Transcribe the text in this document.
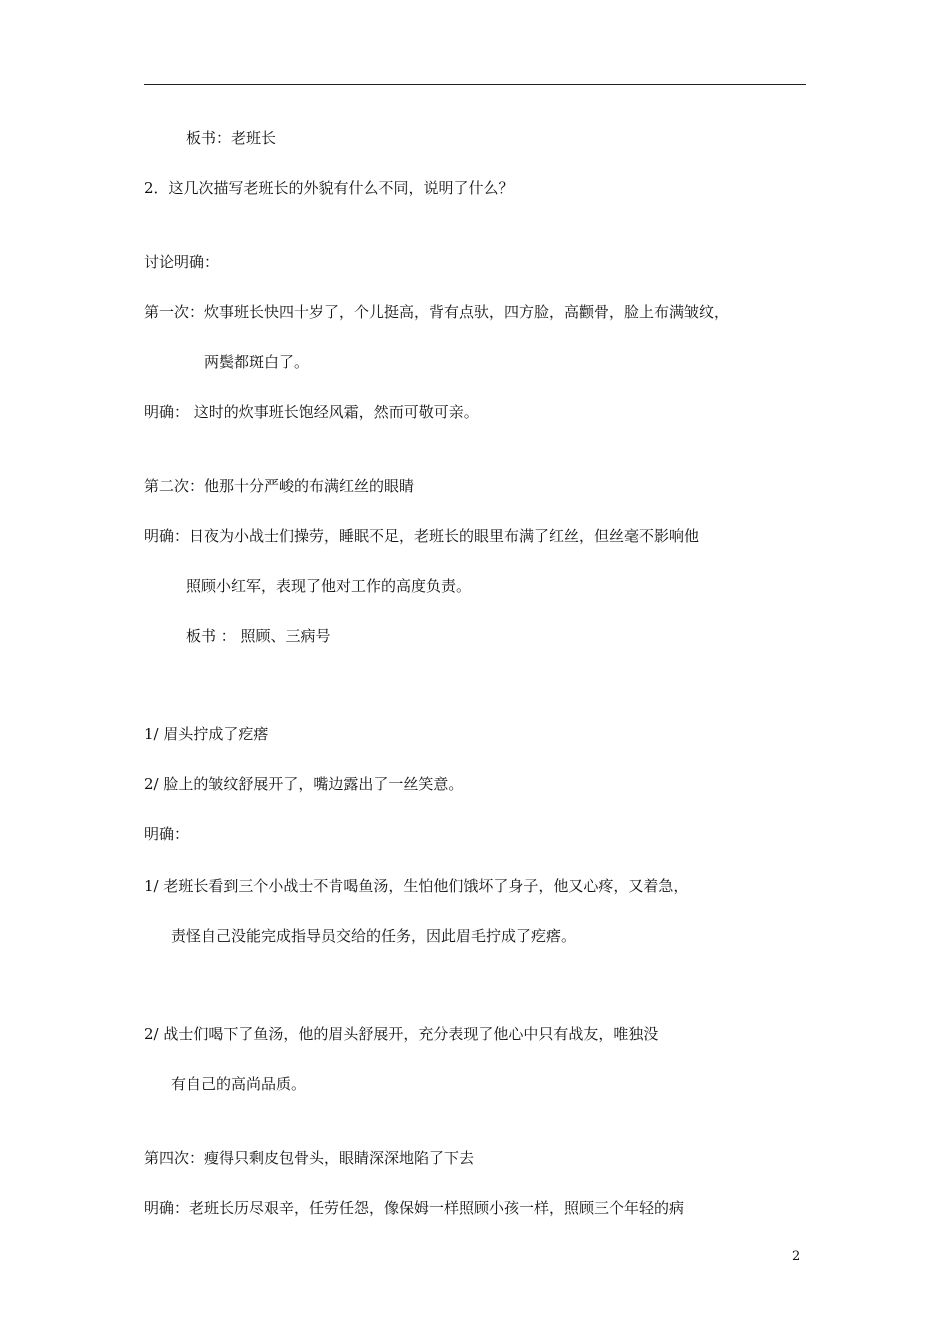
板书：老班长
2．这几次描写老班长的外貌有什么不同，说明了什么？
讨论明确：
第一次：炊事班长快四十岁了，个儿挺高，背有点驮，四方脸，高颧骨，脸上布满皱纹，
两鬓都斑白了。
明确： 这时的炊事班长饱经风霜，然而可敬可亲。
第二次：他那十分严峻的布满红丝的眼睛
明确：日夜为小战士们操劳，睡眠不足，老班长的眼里布满了红丝，但丝毫不影响他
照顾小红军，表现了他对工作的高度负责。
板书 ： 照顾、三病号
1/ 眉头拧成了疙瘩
2/ 脸上的皱纹舒展开了，嘴边露出了一丝笑意。
明确：
1/ 老班长看到三个小战士不肯喝鱼汤，生怕他们饿坏了身子，他又心疼，又着急，
责怪自己没能完成指导员交给的任务，因此眉毛拧成了疙瘩。
2/ 战士们喝下了鱼汤，他的眉头舒展开，充分表现了他心中只有战友，唯独没
有自己的高尚品质。
第四次：瘦得只剩皮包骨头，眼睛深深地陷了下去
明确：老班长历尽艰辛，任劳任怨，像保姆一样照顾小孩一样，照顾三个年轻的病
2
